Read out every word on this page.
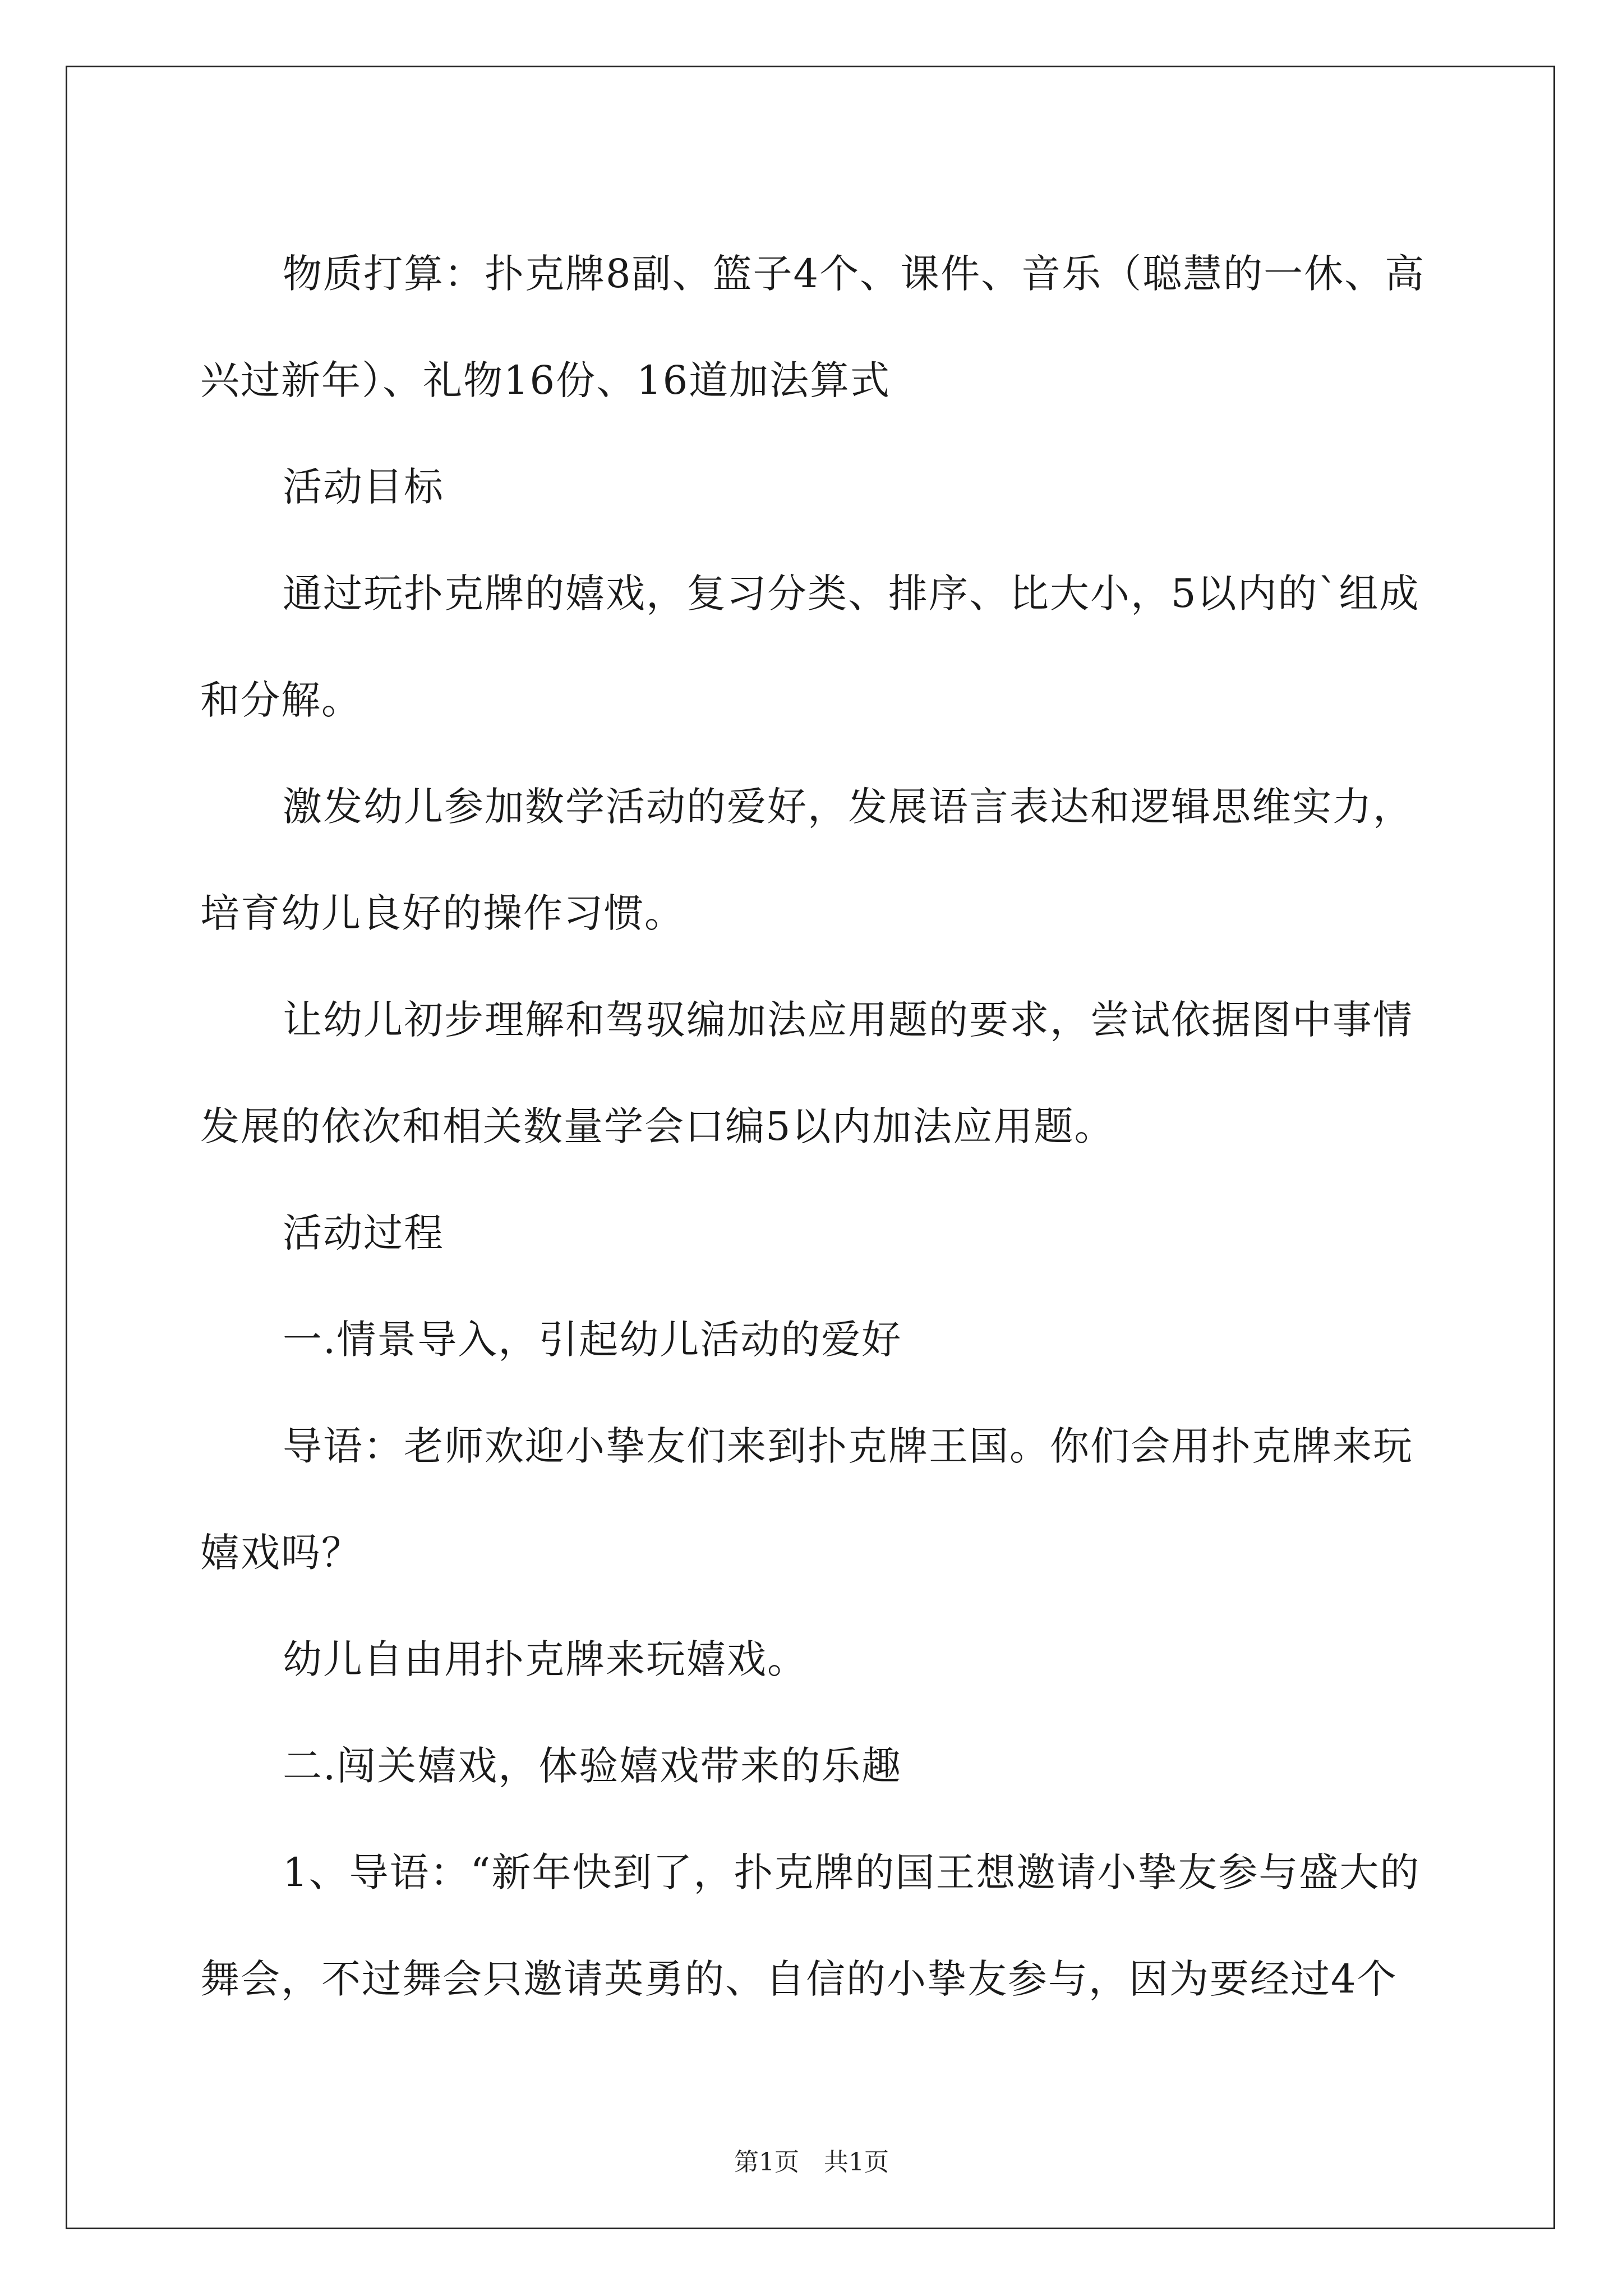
物质打算：扑克牌8副、篮子4个、课件、音乐（聪慧的一休、高兴过新年）、礼物16份、16道加法算式

活动目标

通过玩扑克牌的嬉戏，复习分类、排序、比大小，5以内的`组成和分解。

激发幼儿参加数学活动的爱好，发展语言表达和逻辑思维实力，培育幼儿良好的操作习惯。

让幼儿初步理解和驾驭编加法应用题的要求，尝试依据图中事情发展的依次和相关数量学会口编5以内加法应用题。

活动过程

一.情景导入，引起幼儿活动的爱好

导语：老师欢迎小挚友们来到扑克牌王国。你们会用扑克牌来玩嬉戏吗？

幼儿自由用扑克牌来玩嬉戏。

二.闯关嬉戏，体验嬉戏带来的乐趣

1、导语：“新年快到了，扑克牌的国王想邀请小挚友参与盛大的舞会，不过舞会只邀请英勇的、自信的小挚友参与，因为要经过4个

第1页　共1页
